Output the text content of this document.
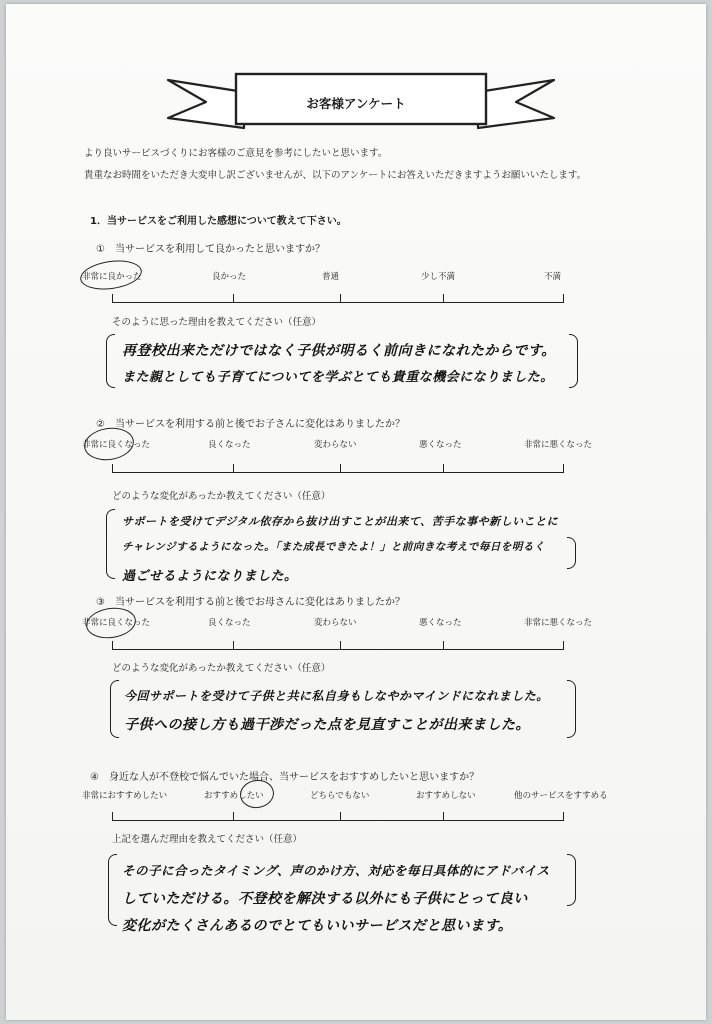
お客様アンケート
より良いサービスづくりにお客様のご意見を参考にしたいと思います。
貴重なお時間をいただき大変申し訳ございませんが、以下のアンケートにお答えいただきますようお願いいたします。
1．当サービスをご利用した感想について教えて下さい。
①　当サービスを利用して良かったと思いますか？
非常に良かった	良かった	普通	少し不満	不満
そのように思った理由を教えてください（任意）
再登校出来ただけではなく子供が明るく前向きになれたからです。
また親としても子育てについてを学ぶとても貴重な機会になりました。
②　当サービスを利用する前と後でお子さんに変化はありましたか？
非常に良くなった	良くなった	変わらない	悪くなった	非常に悪くなった
どのような変化があったか教えてください（任意）
サポートを受けてデジタル依存から抜け出すことが出来て、苦手な事や新しいことに
チャレンジするようになった。「また成長できたよ！」と前向きな考えで毎日を明るく
過ごせるようになりました。
③　当サービスを利用する前と後でお母さんに変化はありましたか？
非常に良くなった	良くなった	変わらない	悪くなった	非常に悪くなった
どのような変化があったか教えてください（任意）
今回サポートを受けて子供と共に私自身もしなやかマインドになれました。
子供への接し方も過干渉だった点を見直すことが出来ました。
④　身近な人が不登校で悩んでいた場合、当サービスをおすすめしたいと思いますか？
非常におすすめしたい	おすすめしたい	どちらでもない	おすすめしない	他のサービスをすすめる
上記を選んだ理由を教えてください（任意）
その子に合ったタイミング、声のかけ方、対応を毎日具体的にアドバイス
していただける。不登校を解決する以外にも子供にとって良い
変化がたくさんあるのでとてもいいサービスだと思います。
